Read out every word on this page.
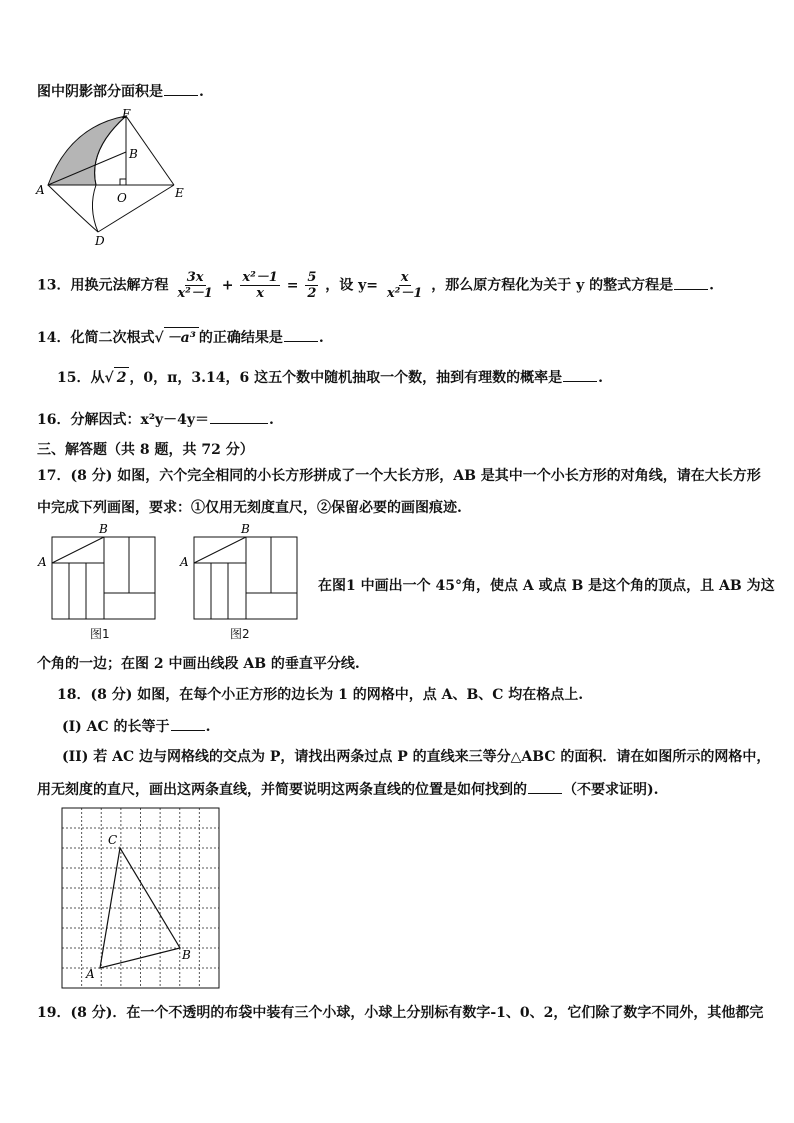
图中阴影部分面积是	.
F
B
A
O	E
D
13．用换元法解方程 $\frac{3x}{\text{x²－1}} + \frac{\text{x²－1}}{x} = \frac{5}{2}$ ，设 $y= \frac{x}{\text{x²－1}}$ ，那么原方程化为关于 y 的整式方程是	.
14．化简二次根式√ －a³ 的正确结果是	.
15．从√ 2 ，0，π，3.14，6 这五个数中随机抽取一个数，抽到有理数的概率是	.
16．分解因式：x²y－4y＝	.
三、解答题（共 8 题，共 72 分）
17．(8 分) 如图，六个完全相同的小长方形拼成了一个大长方形，AB 是其中一个小长方形的对角线，请在大长方形
中完成下列画图，要求：①仅用无刻度直尺，②保留必要的画图痕迹.
A
B
图1
A
B
图2
在图1 中画出一个 45°角，使点 A 或点 B 是这个角的顶点，且 AB 为这
个角的一边；在图 2 中画出线段 AB 的垂直平分线.
18．(8 分) 如图，在每个小正方形的边长为 1 的网格中，点 A、B、C 均在格点上.
(I) AC 的长等于	.
(II) 若 AC 边与网格线的交点为 P，请找出两条过点 P 的直线来三等分△ABC 的面积．请在如图所示的网格中，
用无刻度的直尺，画出这两条直线，并简要说明这两条直线的位置是如何找到的	（不要求证明).
A
B
C
19．(8 分)．在一个不透明的布袋中装有三个小球，小球上分别标有数字-1、0、2，它们除了数字不同外，其他都完
